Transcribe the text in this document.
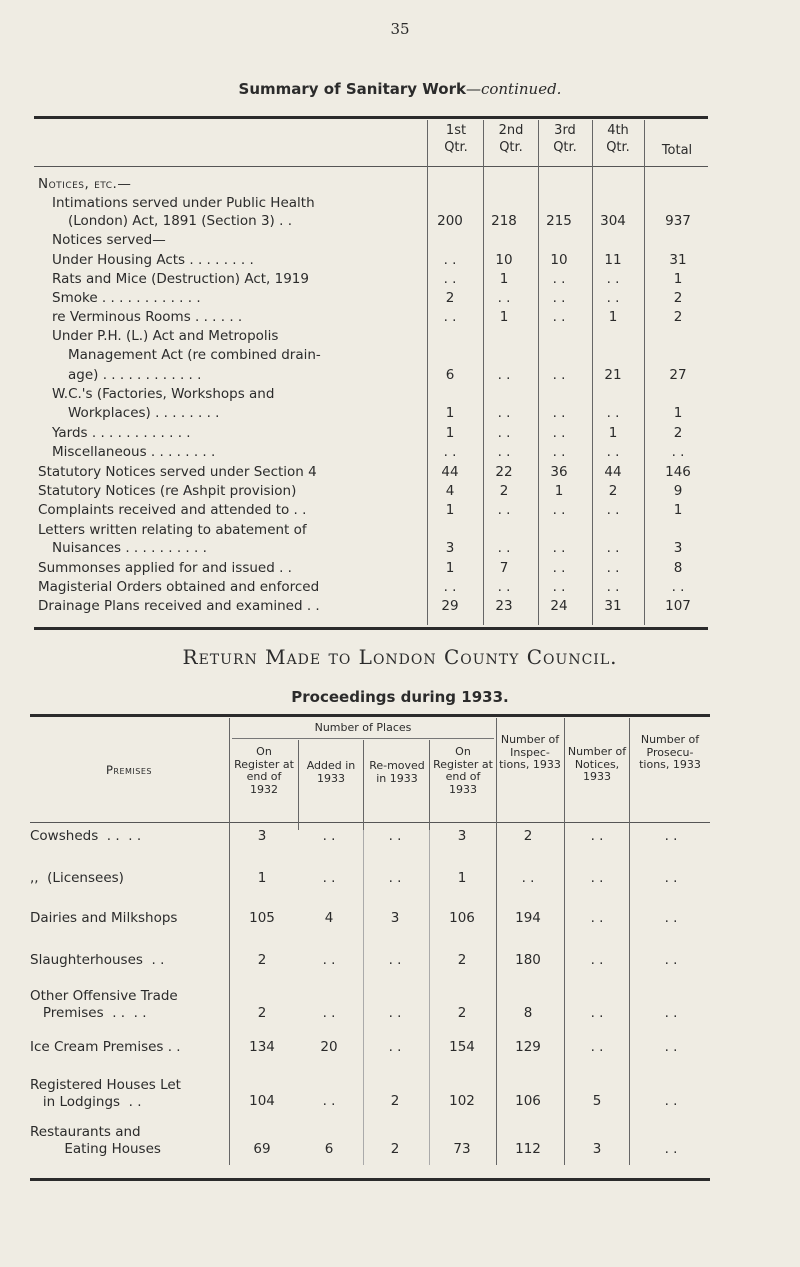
35
Summary of Sanitary Work—continued.
1st Qtr.
2nd Qtr.
3rd Qtr.
4th Qtr.	Total
Notices, etc.—
Intimations served under Public Health
(London) Act, 1891 (Section 3) . .	200	218	215	304	937
Notices served—
Under Housing Acts . . . . . . . .	. .	10	10	11	31
Rats and Mice (Destruction) Act, 1919	. .	1	. .	. .	1
Smoke . . . . . . . . . . . .	2	. .	. .	. .	2
re Verminous Rooms . . . . . .	. .	1	. .	1	2
Under P.H. (L.) Act and Metropolis
Management Act (re combined drain-
age) . . . . . . . . . . . .	6	. .	. .	21	27
W.C.'s (Factories, Workshops and
Workplaces) . . . . . . . .	1	. .	. .	. .	1
Yards . . . . . . . . . . . .	1	. .	. .	1	2
Miscellaneous . . . . . . . .	. .	. .	. .	. .	. .
Statutory Notices served under Section 4	44	22	36	44	146
Statutory Notices (re Ashpit provision)	4	2	1	2	9
Complaints received and attended to . .	1	. .	. .	. .	1
Letters written relating to abatement of
Nuisances . . . . . . . . . .	3	. .	. .	. .	3
Summonses applied for and issued . .	1	7	. .	. .	8
Magisterial Orders obtained and enforced	. .	. .	. .	. .	. .
Drainage Plans received and examined . .	29	23	24	31	107
Return Made to London County Council.
Proceedings during 1933.
Premises
Number of Places
On Register at end of 1932
Added in 1933
Re-moved in 1933
On Register at end of 1933
Number of Inspec-tions, 1933
Number of Notices, 1933
Number of Prosecu-tions, 1933
Cowsheds  . .  . .	3	. .	. .	3	2	. .	. .
,,  (Licensees)	1	. .	. .	1	. .	. .	. .
Dairies and Milkshops	105	4	3	106	194	. .	. .
Slaughterhouses  . .	2	. .	. .	2	180	. .	. .
Other Offensive Trade
Premises  . .  . .	2	. .	. .	2	8	. .	. .
Ice Cream Premises . .	134	20	. .	154	129	. .	. .
Registered Houses Let
in Lodgings  . .	104	. .	2	102	106	5	. .
Restaurants and
Eating Houses	69	6	2	73	112	3	. .
